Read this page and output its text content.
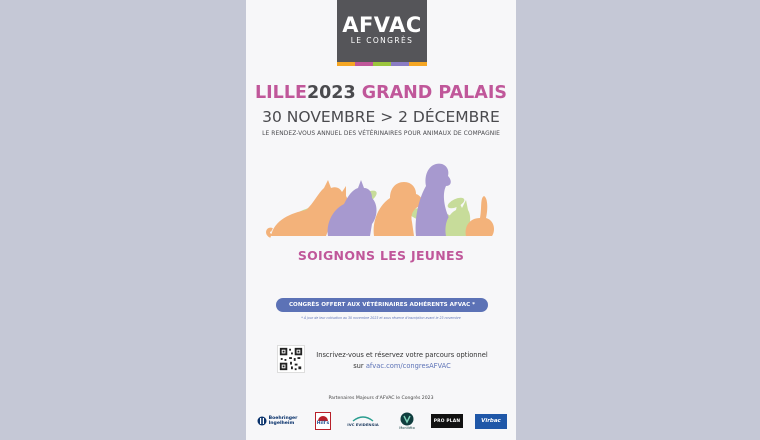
AFVAC
LE CONGRÈS
LILLE2023 GRAND PALAIS
30 NOVEMBRE > 2 DÉCEMBRE
LE RENDEZ-VOUS ANNUEL DES VÉTÉRINAIRES POUR ANIMAUX DE COMPAGNIE
SOIGNONS LES JEUNES
CONGRÈS OFFERT AUX VÉTÉRINAIRES ADHÉRENTS AFVAC *
* À jour de leur cotisation au 30 novembre 2023 et sous réserve d'inscription avant le 23 novembre
Inscrivez-vous et réservez votre parcours optionnel
sur afvac.com/congresAFVAC
Partenaires Majeurs d'AFVAC le Congrès 2023
Boehringer
Ingelheim	Hill's	IVC EVIDENSIA
MonVéto
PRO PLAN	Virbac
